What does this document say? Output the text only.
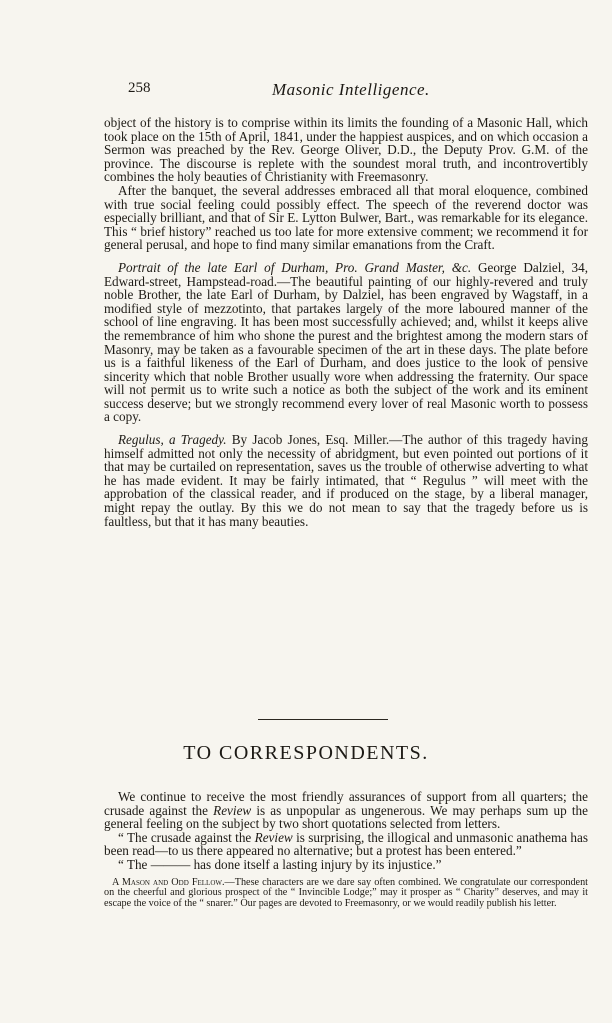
258	Masonic Intelligence.

object of the history is to comprise within its limits the founding of a Masonic Hall, which took place on the 15th of April, 1841, under the happiest auspices, and on which occasion a Sermon was preached by the Rev. George Oliver, D.D., the Deputy Prov. G.M. of the province. The discourse is replete with the soundest moral truth, and incontrovertibly combines the holy beauties of Christianity with Freemasonry.

After the banquet, the several addresses embraced all that moral eloquence, combined with true social feeling could possibly effect. The speech of the reverend doctor was especially brilliant, and that of Sir E. Lytton Bulwer, Bart., was remarkable for its elegance. This “ brief history” reached us too late for more extensive comment; we recommend it for general perusal, and hope to find many similar emanations from the Craft.

Portrait of the late Earl of Durham, Pro. Grand Master, &c. George Dalziel, 34, Edward-street, Hampstead-road.—The beautiful painting of our highly-revered and truly noble Brother, the late Earl of Durham, by Dalziel, has been engraved by Wagstaff, in a modified style of mezzotinto, that partakes largely of the more laboured manner of the school of line engraving. It has been most successfully achieved; and, whilst it keeps alive the remembrance of him who shone the purest and the brightest among the modern stars of Masonry, may be taken as a favourable specimen of the art in these days. The plate before us is a faithful likeness of the Earl of Durham, and does justice to the look of pensive sincerity which that noble Brother usually wore when addressing the fraternity. Our space will not permit us to write such a notice as both the subject of the work and its eminent success deserve; but we strongly recommend every lover of real Masonic worth to possess a copy.

Regulus, a Tragedy. By Jacob Jones, Esq. Miller.—The author of this tragedy having himself admitted not only the necessity of abridgment, but even pointed out portions of it that may be curtailed on representation, saves us the trouble of otherwise adverting to what he has made evident. It may be fairly intimated, that “ Regulus ” will meet with the approbation of the classical reader, and if produced on the stage, by a liberal manager, might repay the outlay. By this we do not mean to say that the tragedy before us is faultless, but that it has many beauties.

TO CORRESPONDENTS.

We continue to receive the most friendly assurances of support from all quarters; the crusade against the Review is as unpopular as ungenerous. We may perhaps sum up the general feeling on the subject by two short quotations selected from letters.

“ The crusade against the Review is surprising, the illogical and unmasonic anathema has been read—to us there appeared no alternative; but a protest has been entered.”

“ The ——— has done itself a lasting injury by its injustice.”

A Mason and Odd Fellow.—These characters are we dare say often combined. We congratulate our correspondent on the cheerful and glorious prospect of the “ Invincible Lodge;” may it prosper as “ Charity” deserves, and may it escape the voice of the “ snarer.” Our pages are devoted to Freemasonry, or we would readily publish his letter.
